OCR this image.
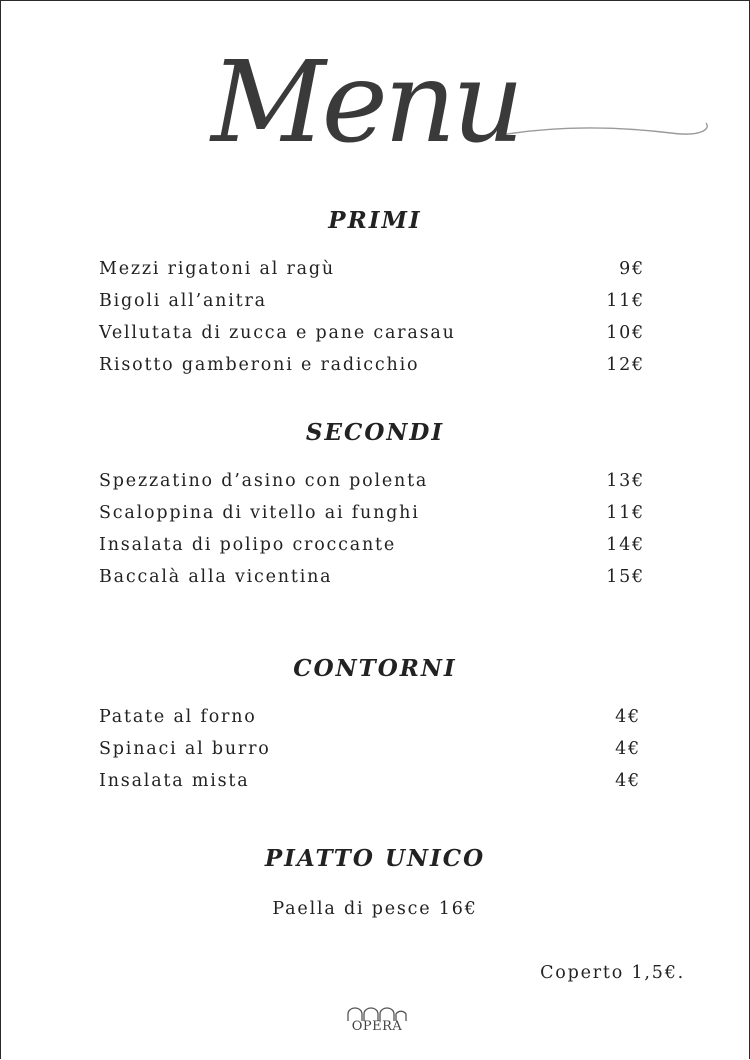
Menu
PRIMI
Mezzi rigatoni al ragù	9€
Bigoli all’anitra	11€
Vellutata di zucca e pane carasau	10€
Risotto gamberoni e radicchio	12€
SECONDI
Spezzatino d’asino con polenta	13€
Scaloppina di vitello ai funghi	11€
Insalata di polipo croccante	14€
Baccalà alla vicentina	15€
CONTORNI
Patate al forno	4€
Spinaci al burro	4€
Insalata mista	4€
PIATTO UNICO
Paella di pesce 16€
Coperto 1,5€.
OPERA
